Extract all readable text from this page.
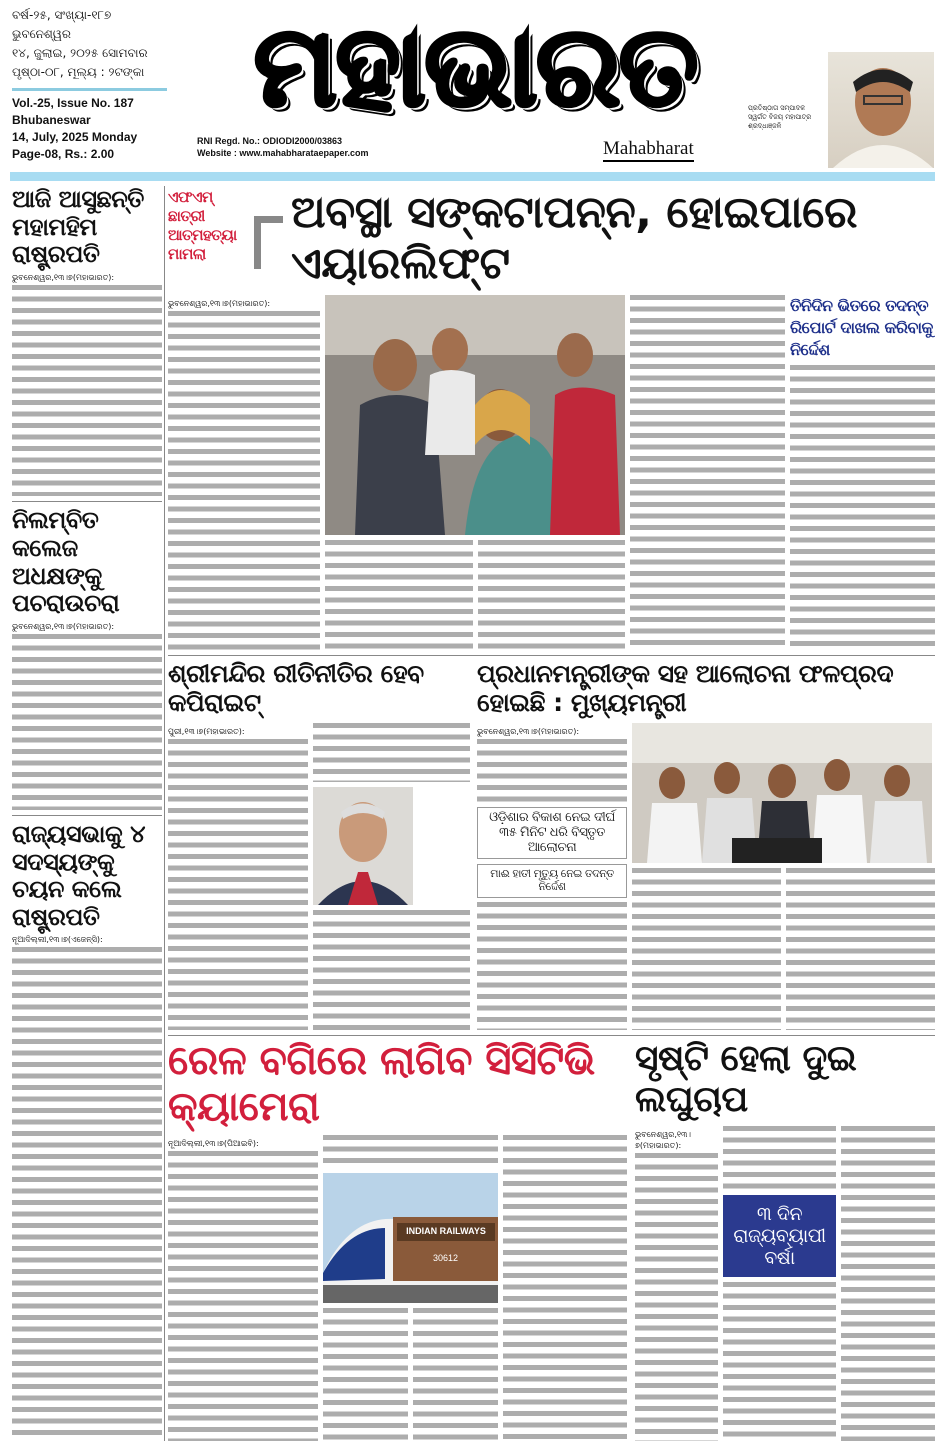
ବର୍ଷ-୨୫, ସଂଖ୍ୟା-୧୮୭
ଭୁବନେଶ୍ୱର
୧୪, ଜୁଲାଇ, ୨୦୨୫ ସୋମବାର
ପୃଷ୍ଠା-୦୮, ମୂଲ୍ୟ : ୨ଟଙ୍କା
Vol.-25, Issue No. 187
Bhubaneswar
14, July, 2025 Monday
Page-08, Rs.: 2.00
ମହାଭାରତ
RNI Regd. No.: ODIODI2000/03863
Website : www.mahabharataepaper.com	Mahabharat
ପ୍ରତିଷ୍ଠାତା ସମ୍ପାଦକ
ସ୍ୱର୍ଗତ ବିଜୟ ମହାପାତ୍ର
ଶ୍ରଦ୍ଧାଞ୍ଜଳି
ଆଜି ଆସୁଛନ୍ତି ମହାମହିମ ରାଷ୍ଟ୍ରପତି
ଭୁବନେଶ୍ୱର,୧୩।୭(ମହାଭାରତ):
ନିଲମ୍ବିତ କଲେଜ ଅଧକ୍ଷଙ୍କୁ ପଚରାଉଚରା
ଭୁବନେଶ୍ୱର,୧୩।୭(ମହାଭାରତ):
ରାଜ୍ୟସଭାକୁ ୪ ସଦସ୍ୟଙ୍କୁ ଚୟନ କଲେ ରାଷ୍ଟ୍ରପତି
ନୂଆଦିଲ୍ଲୀ,୧୩।୭(ଏଜେନ୍ସି):
ଏଫଏମ୍ ଛାତ୍ରୀ ଆତ୍ମହତ୍ୟା ମାମଲା
ଅବସ୍ଥା ସଙ୍କଟାପନ୍ନ, ହୋଇପାରେ ଏୟାରଲିଫ୍ଟ
ଭୁବନେଶ୍ୱର,୧୩।୭(ମହାଭାରତ):	ତିନିଦିନ ଭିତରେ ତଦନ୍ତ ରିପୋର୍ଟ ଦାଖଲ କରିବାକୁ ନିର୍ଦ୍ଦେଶ
ଶ୍ରୀମନ୍ଦିର ରୀତିନୀତିର ହେବ କପିରାଇଟ୍
ପୁରୀ,୧୩।୭(ମହାଭାରତ):
ପ୍ରଧାନମନ୍ତ୍ରୀଙ୍କ ସହ ଆଲୋଚନା ଫଳପ୍ରଦ ହୋଇଛି : ମୁଖ୍ୟମନ୍ତ୍ରୀ
ଭୁବନେଶ୍ୱର,୧୩।୭(ମହାଭାରତ):
ଓଡ଼ିଶାର ବିକାଶ ନେଇ ଦୀର୍ଘ ୩୫ ମିନିଟ ଧରି ବିସ୍ତୃତ ଆଲୋଚନା
ମାଈ ହାତୀ ମୃତ୍ୟୁ ନେଇ ତଦନ୍ତ ନିର୍ଦ୍ଦେଶ
ରେଳ ବଗିରେ ଲାଗିବ ସିସିଟିଭି କ୍ୟାମେରା
ନୂଆଦିଲ୍ଲୀ,୧୩।୭(ପିଆଇବି):
INDIAN RAILWAYS
30612
ସୃଷ୍ଟି ହେଲା ଦୁଇ ଲଘୁଚାପ
ଭୁବନେଶ୍ୱର,୧୩।୭(ମହାଭାରତ):
୩ ଦିନ ରାଜ୍ୟବ୍ୟାପୀ ବର୍ଷା
